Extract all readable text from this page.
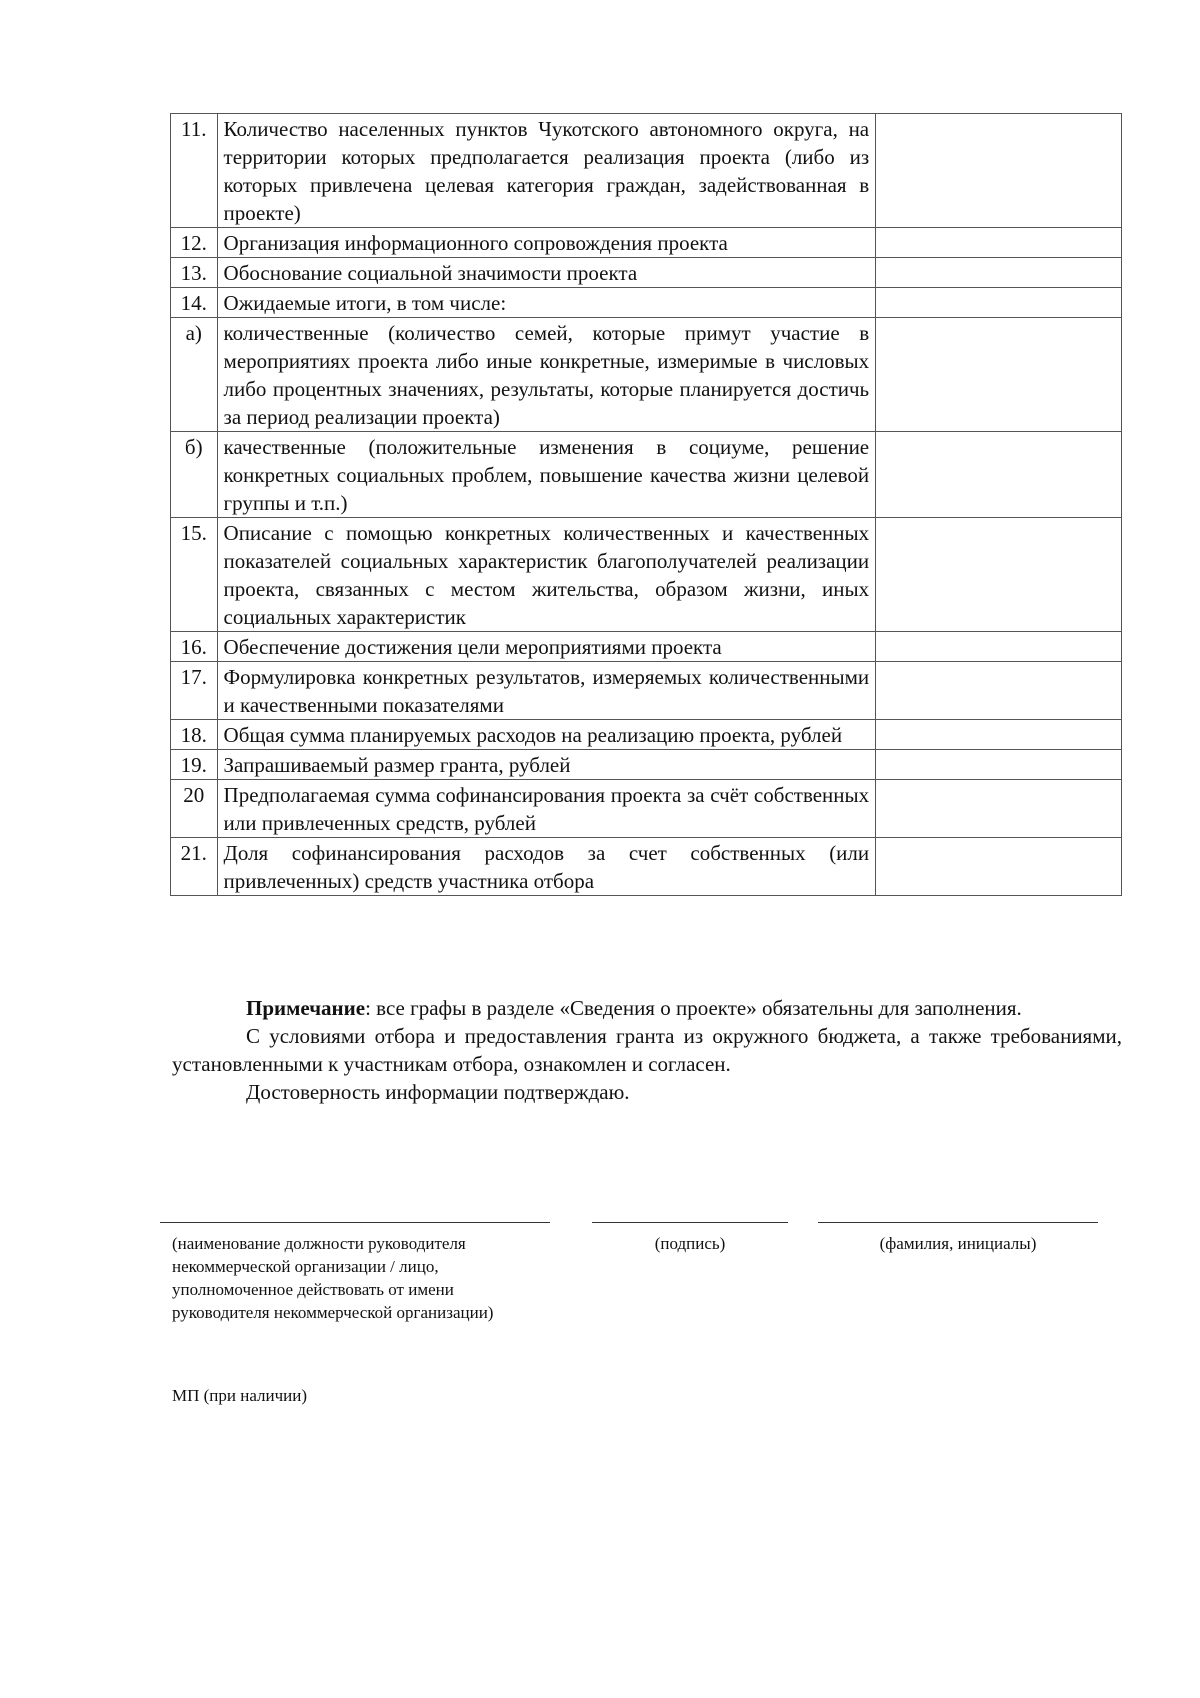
11.	Количество населенных пунктов Чукотского автономного округа, на территории которых предполагается реализация проекта (либо из которых привлечена целевая категория граждан, задействованная в проекте)	
12.	Организация информационного сопровождения проекта	
13.	Обоснование социальной значимости проекта	
14.	Ожидаемые итоги, в том числе:	
а)	количественные (количество семей, которые примут участие в мероприятиях проекта либо иные конкретные, измеримые в числовых либо процентных значениях, результаты, которые планируется достичь за период реализации проекта)	
б)	качественные (положительные изменения в социуме, решение конкретных социальных проблем, повышение качества жизни целевой группы и т.п.)	
15.	Описание с помощью конкретных количественных и качественных показателей социальных характеристик благополучателей реализации проекта, связанных с местом жительства, образом жизни, иных социальных характеристик	
16.	Обеспечение достижения цели мероприятиями проекта	
17.	Формулировка конкретных результатов, измеряемых количественными и качественными показателями	
18.	Общая сумма планируемых расходов на реализацию проекта, рублей	
19.	Запрашиваемый размер гранта, рублей	
20	Предполагаемая сумма софинансирования проекта за счёт собственных или привлеченных средств, рублей	
21.	Доля софинансирования расходов за счет собственных (или привлеченных) средств участника отбора	

Примечание: все графы в разделе «Сведения о проекте» обязательны для заполнения.

С условиями отбора и предоставления гранта из окружного бюджета, а также требованиями, установленными к участникам отбора, ознакомлен и согласен.

Достоверность информации подтверждаю.

(наименование должности руководителя некоммерческой организации / лицо, уполномоченное действовать от имени руководителя некоммерческой организации)
(подпись)	(фамилия, инициалы)
МП (при наличии)
